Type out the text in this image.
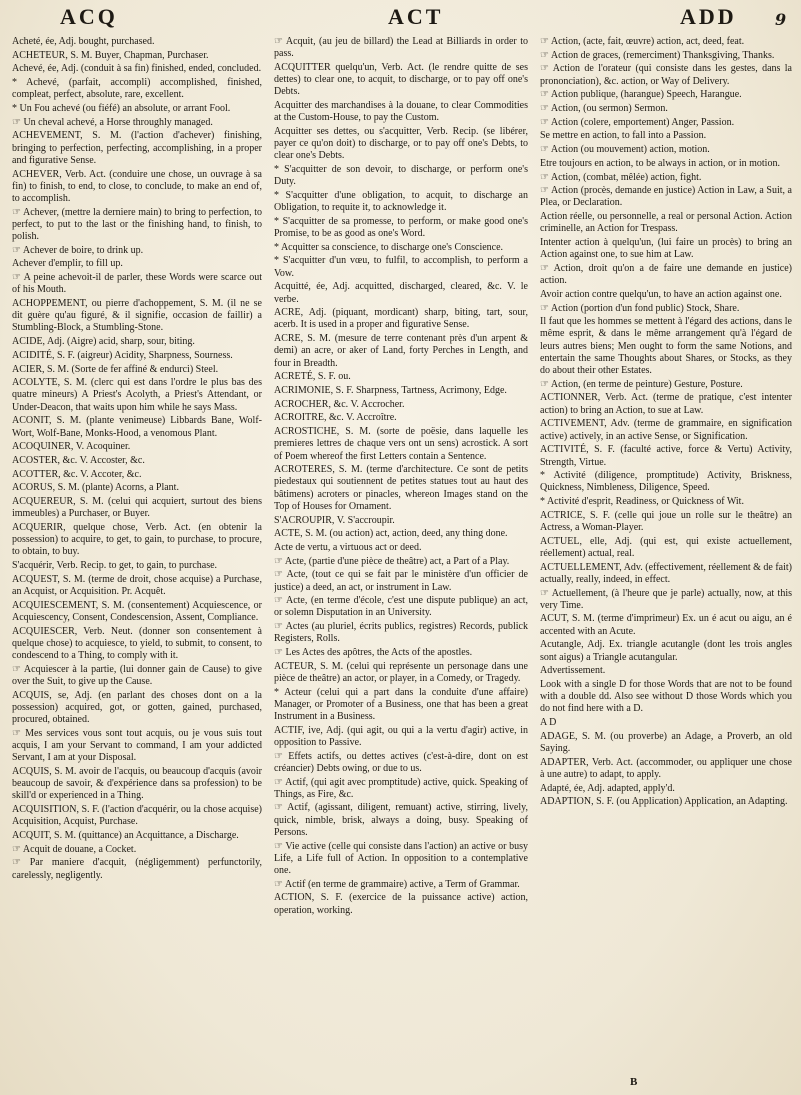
ACQ	ACT	ADD 9

Acheté, ée, Adj. bought, purchased.

ACHETEUR, S. M. Buyer, Chapman, Purchaser.

Achevé, ée, Adj. (conduit à sa fin) finished, ended, concluded.

* Achevé, (parfait, accompli) accomplished, finished, compleat, perfect, absolute, rare, excellent.

* Un Fou achevé (ou fiéfé) an absolute, or arrant Fool.

☞ Un cheval achevé, a Horse throughly managed.

ACHEVEMENT, S. M. (l'action d'achever) finishing, bringing to perfection, perfecting, accomplishing, in a proper and figurative Sense.

ACHEVER, Verb. Act. (conduire une chose, un ouvrage à sa fin) to finish, to end, to close, to conclude, to make an end of, to accomplish.

☞ Achever, (mettre la derniere main) to bring to perfection, to perfect, to put to the last or the finishing hand, to finish, to polish.

☞ Achever de boire, to drink up.

Achever d'emplir, to fill up.

☞ A peine achevoit-il de parler, these Words were scarce out of his Mouth.

ACHOPPEMENT, ou pierre d'achoppement, S. M. (il ne se dit guère qu'au figuré, & il signifie, occasion de faillir) a Stumbling-Block, a Stumbling-Stone.

ACIDE, Adj. (Aigre) acid, sharp, sour, biting.

ACIDITÉ, S. F. (aigreur) Acidity, Sharpness, Sourness.

ACIER, S. M. (Sorte de fer affiné & endurci) Steel.

ACOLYTE, S. M. (clerc qui est dans l'ordre le plus bas des quatre mineurs) A Priest's Acolyth, a Priest's Attendant, or Under-Deacon, that waits upon him while he says Mass.

ACONIT, S. M. (plante venimeuse) Libbards Bane, Wolf-Wort, Wolf-Bane, Monks-Hood, a venomous Plant.

ACOQUINER, V. Acoquiner.

ACOSTER, &c. V. Accoster, &c.

ACOTTER, &c. V. Accoter, &c.

ACORUS, S. M. (plante) Acorns, a Plant.

ACQUEREUR, S. M. (celui qui acquiert, surtout des biens immeubles) a Purchaser, or Buyer.

ACQUERIR, quelque chose, Verb. Act. (en obtenir la possession) to acquire, to get, to gain, to purchase, to procure, to obtain, to buy.

S'acquérir, Verb. Recip. to get, to gain, to purchase.

ACQUEST, S. M. (terme de droit, chose acquise) a Purchase, an Acquist, or Acquisition. Pr. Acquêt.

ACQUIESCEMENT, S. M. (consentement) Acquiescence, or Acquiescency, Consent, Condescension, Assent, Compliance.

ACQUIESCER, Verb. Neut. (donner son consentement à quelque chose) to acquiesce, to yield, to submit, to consent, to condescend to a Thing, to comply with it.

☞ Acquiescer à la partie, (lui donner gain de Cause) to give over the Suit, to give up the Cause.

ACQUIS, se, Adj. (en parlant des choses dont on a la possession) acquired, got, or gotten, gained, purchased, procured, obtained.

☞ Mes services vous sont tout acquis, ou je vous suis tout acquis, I am your Servant to command, I am your addicted Servant, I am at your Disposal.

ACQUIS, S. M. avoir de l'acquis, ou beaucoup d'acquis (avoir beaucoup de savoir, & d'expérience dans sa profession) to be skill'd or experienced in a Thing.

ACQUISITION, S. F. (l'action d'acquérir, ou la chose acquise) Acquisition, Acquist, Purchase.

ACQUIT, S. M. (quittance) an Acquittance, a Discharge.

☞ Acquit de douane, a Cocket.

☞ Par maniere d'acquit, (négligemment) perfunctorily, carelessly, negligently.

☞ Acquit, (au jeu de billard) the Lead at Billiards in order to pass.

ACQUITTER quelqu'un, Verb. Act. (le rendre quitte de ses dettes) to clear one, to acquit, to discharge, or to pay off one's Debts.

Acquitter des marchandises à la douane, to clear Commodities at the Custom-House, to pay the Custom.

Acquitter ses dettes, ou s'acquitter, Verb. Recip. (se libérer, payer ce qu'on doit) to discharge, or to pay off one's Debts, to clear one's Debts.

* S'acquitter de son devoir, to discharge, or perform one's Duty.

* S'acquitter d'une obligation, to acquit, to discharge an Obligation, to requite it, to acknowledge it.

* S'acquitter de sa promesse, to perform, or make good one's Promise, to be as good as one's Word.

* Acquitter sa conscience, to discharge one's Conscience.

* S'acquitter d'un vœu, to fulfil, to accomplish, to perform a Vow.

Acquitté, ée, Adj. acquitted, discharged, cleared, &c. V. le verbe.

ACRE, Adj. (piquant, mordicant) sharp, biting, tart, sour, acerb. It is used in a proper and figurative Sense.

ACRE, S. M. (mesure de terre contenant près d'un arpent & demi) an acre, or aker of Land, forty Perches in Length, and four in Breadth.

ACRETÉ, S. F. ou.

ACRIMONIE, S. F. Sharpness, Tartness, Acrimony, Edge.

ACROCHER, &c. V. Accrocher.

ACROITRE, &c. V. Accroître.

ACROSTICHE, S. M. (sorte de poësie, dans laquelle les premieres lettres de chaque vers ont un sens) acrostick. A sort of Poem whereof the first Letters contain a Sentence.

ACROTERES, S. M. (terme d'architecture. Ce sont de petits piedestaux qui soutiennent de petites statues tout au haut des bâtimens) acroters or pinacles, whereon Images stand on the Top of Houses for Ornament.

S'ACROUPIR, V. S'accroupir.

ACTE, S. M. (ou action) act, action, deed, any thing done.

Acte de vertu, a virtuous act or deed.

☞ Acte, (partie d'une pièce de theâtre) act, a Part of a Play.

☞ Acte, (tout ce qui se fait par le ministère d'un officier de justice) a deed, an act, or instrument in Law.

☞ Acte, (en terme d'école, c'est une dispute publique) an act, or solemn Disputation in an University.

☞ Actes (au pluriel, écrits publics, registres) Records, publick Registers, Rolls.

☞ Les Actes des apôtres, the Acts of the apostles.

ACTEUR, S. M. (celui qui représente un personage dans une pièce de theâtre) an actor, or player, in a Comedy, or Tragedy.

* Acteur (celui qui a part dans la conduite d'une affaire) Manager, or Promoter of a Business, one that has been a great Instrument in a Business.

ACTIF, ive, Adj. (qui agit, ou qui a la vertu d'agir) active, in opposition to Passive.

☞ Effets actifs, ou dettes actives (c'est-à-dire, dont on est créancier) Debts owing, or due to us.

☞ Actif, (qui agit avec promptitude) active, quick. Speaking of Things, as Fire, &c.

☞ Actif, (agissant, diligent, remuant) active, stirring, lively, quick, nimble, brisk, always a doing, busy. Speaking of Persons.

☞ Vie active (celle qui consiste dans l'action) an active or busy Life, a Life full of Action. In opposition to a contemplative one.

☞ Actif (en terme de grammaire) active, a Term of Grammar.

ACTION, S. F. (exercice de la puissance active) action, operation, working.

☞ Action, (acte, fait, œuvre) action, act, deed, feat.

☞ Action de graces, (remerciment) Thanksgiving, Thanks.

☞ Action de l'orateur (qui consiste dans les gestes, dans la prononciation), &c. action, or Way of Delivery.

☞ Action publique, (harangue) Speech, Harangue.

☞ Action, (ou sermon) Sermon.

☞ Action (colere, emportement) Anger, Passion.

Se mettre en action, to fall into a Passion.

☞ Action (ou mouvement) action, motion.

Etre toujours en action, to be always in action, or in motion.

☞ Action, (combat, mêlée) action, fight.

☞ Action (procès, demande en justice) Action in Law, a Suit, a Plea, or Declaration.

Action réelle, ou personnelle, a real or personal Action. Action criminelle, an Action for Trespass.

Intenter action à quelqu'un, (lui faire un procès) to bring an Action against one, to sue him at Law.

☞ Action, droit qu'on a de faire une demande en justice) action.

Avoir action contre quelqu'un, to have an action against one.

☞ Action (portion d'un fond public) Stock, Share.

Il faut que les hommes se mettent à l'égard des actions, dans le même esprit, & dans le même arrangement qu'à l'égard de leurs autres biens; Men ought to form the same Notions, and entertain the same Thoughts about Shares, or Stocks, as they do about their other Estates.

☞ Action, (en terme de peinture) Gesture, Posture.

ACTIONNER, Verb. Act. (terme de pratique, c'est intenter action) to bring an Action, to sue at Law.

ACTIVEMENT, Adv. (terme de grammaire, en signification active) actively, in an active Sense, or Signification.

ACTIVITÉ, S. F. (faculté active, force & Vertu) Activity, Strength, Virtue.

* Activité (diligence, promptitude) Activity, Briskness, Quickness, Nimbleness, Diligence, Speed.

* Activité d'esprit, Readiness, or Quickness of Wit.

ACTRICE, S. F. (celle qui joue un rolle sur le theâtre) an Actress, a Woman-Player.

ACTUEL, elle, Adj. (qui est, qui existe actuellement, réellement) actual, real.

ACTUELLEMENT, Adv. (effectivement, réellement & de fait) actually, really, indeed, in effect.

☞ Actuellement, (à l'heure que je parle) actually, now, at this very Time.

ACUT, S. M. (terme d'imprimeur) Ex. un é acut ou aigu, an é accented with an Acute.

Acutangle, Adj. Ex. triangle acutangle (dont les trois angles sont aigus) a Triangle acutangular.

Advertissement.

Look with a single D for those Words that are not to be found with a double dd. Also see without D those Words which you do not find here with a D.

A D

ADAGE, S. M. (ou proverbe) an Adage, a Proverb, an old Saying.

ADAPTER, Verb. Act. (accommoder, ou appliquer une chose à une autre) to adapt, to apply.

Adapté, ée, Adj. adapted, apply'd.

ADAPTION, S. F. (ou Application) Application, an Adapting.

B
